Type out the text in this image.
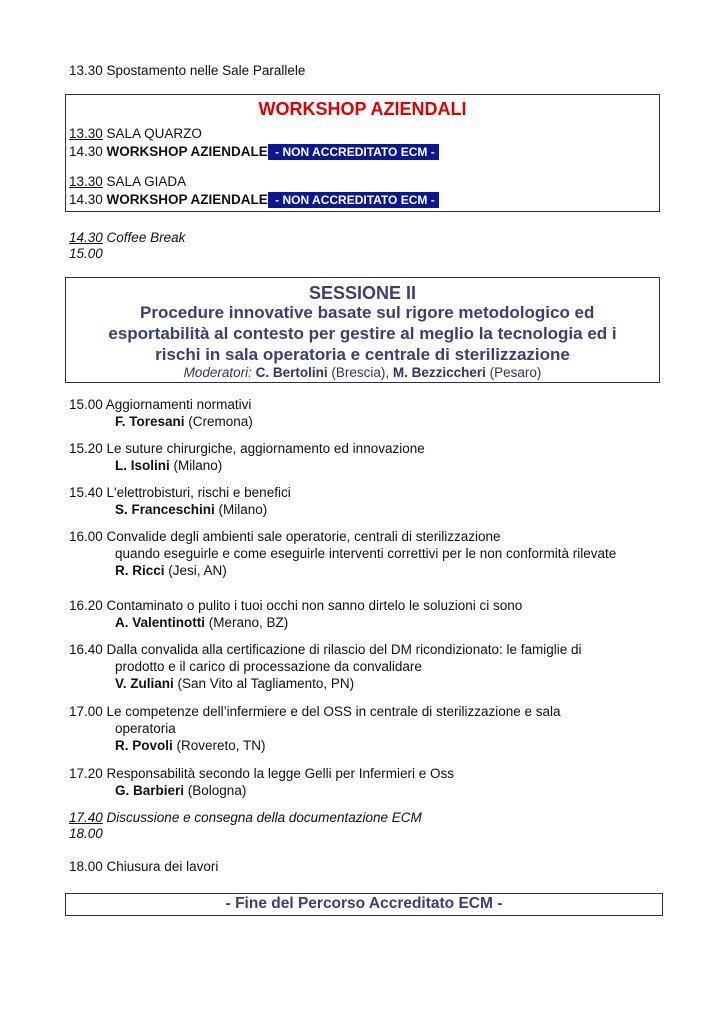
13.30 Spostamento nelle Sale Parallele
WORKSHOP AZIENDALI
13.30 SALA QUARZO
14.30 WORKSHOP AZIENDALE - NON ACCREDITATO ECM -
13.30 SALA GIADA
14.30 WORKSHOP AZIENDALE - NON ACCREDITATO ECM -
14.30 Coffee Break
15.00
SESSIONE II
Procedure innovative basate sul rigore metodologico ed
esportabilità al contesto per gestire al meglio la tecnologia ed i
rischi in sala operatoria e centrale di sterilizzazione
Moderatori: C. Bertolini (Brescia), M. Bezziccheri (Pesaro)
15.00 Aggiornamenti normativi
F. Toresani (Cremona)
15.20 Le suture chirurgiche, aggiornamento ed innovazione
L. Isolini (Milano)
15.40 L'elettrobisturi, rischi e benefici
S. Franceschini (Milano)
16.00 Convalide degli ambienti sale operatorie, centrali di sterilizzazione
quando eseguirle e come eseguirle interventi correttivi per le non conformità rilevate
R. Ricci (Jesi, AN)
16.20 Contaminato o pulito i tuoi occhi non sanno dirtelo le soluzioni ci sono
A. Valentinotti (Merano, BZ)
16.40 Dalla convalida alla certificazione di rilascio del DM ricondizionato: le famiglie di
prodotto e il carico di processazione da convalidare
V. Zuliani (San Vito al Tagliamento, PN)
17.00 Le competenze dell’infermiere e del OSS in centrale di sterilizzazione e sala
operatoria
R. Povoli (Rovereto, TN)
17.20 Responsabilità secondo la legge Gelli per Infermieri e Oss
G. Barbieri (Bologna)
17.40 Discussione e consegna della documentazione ECM
18.00
18.00 Chiusura dei lavori
- Fine del Percorso Accreditato ECM -
